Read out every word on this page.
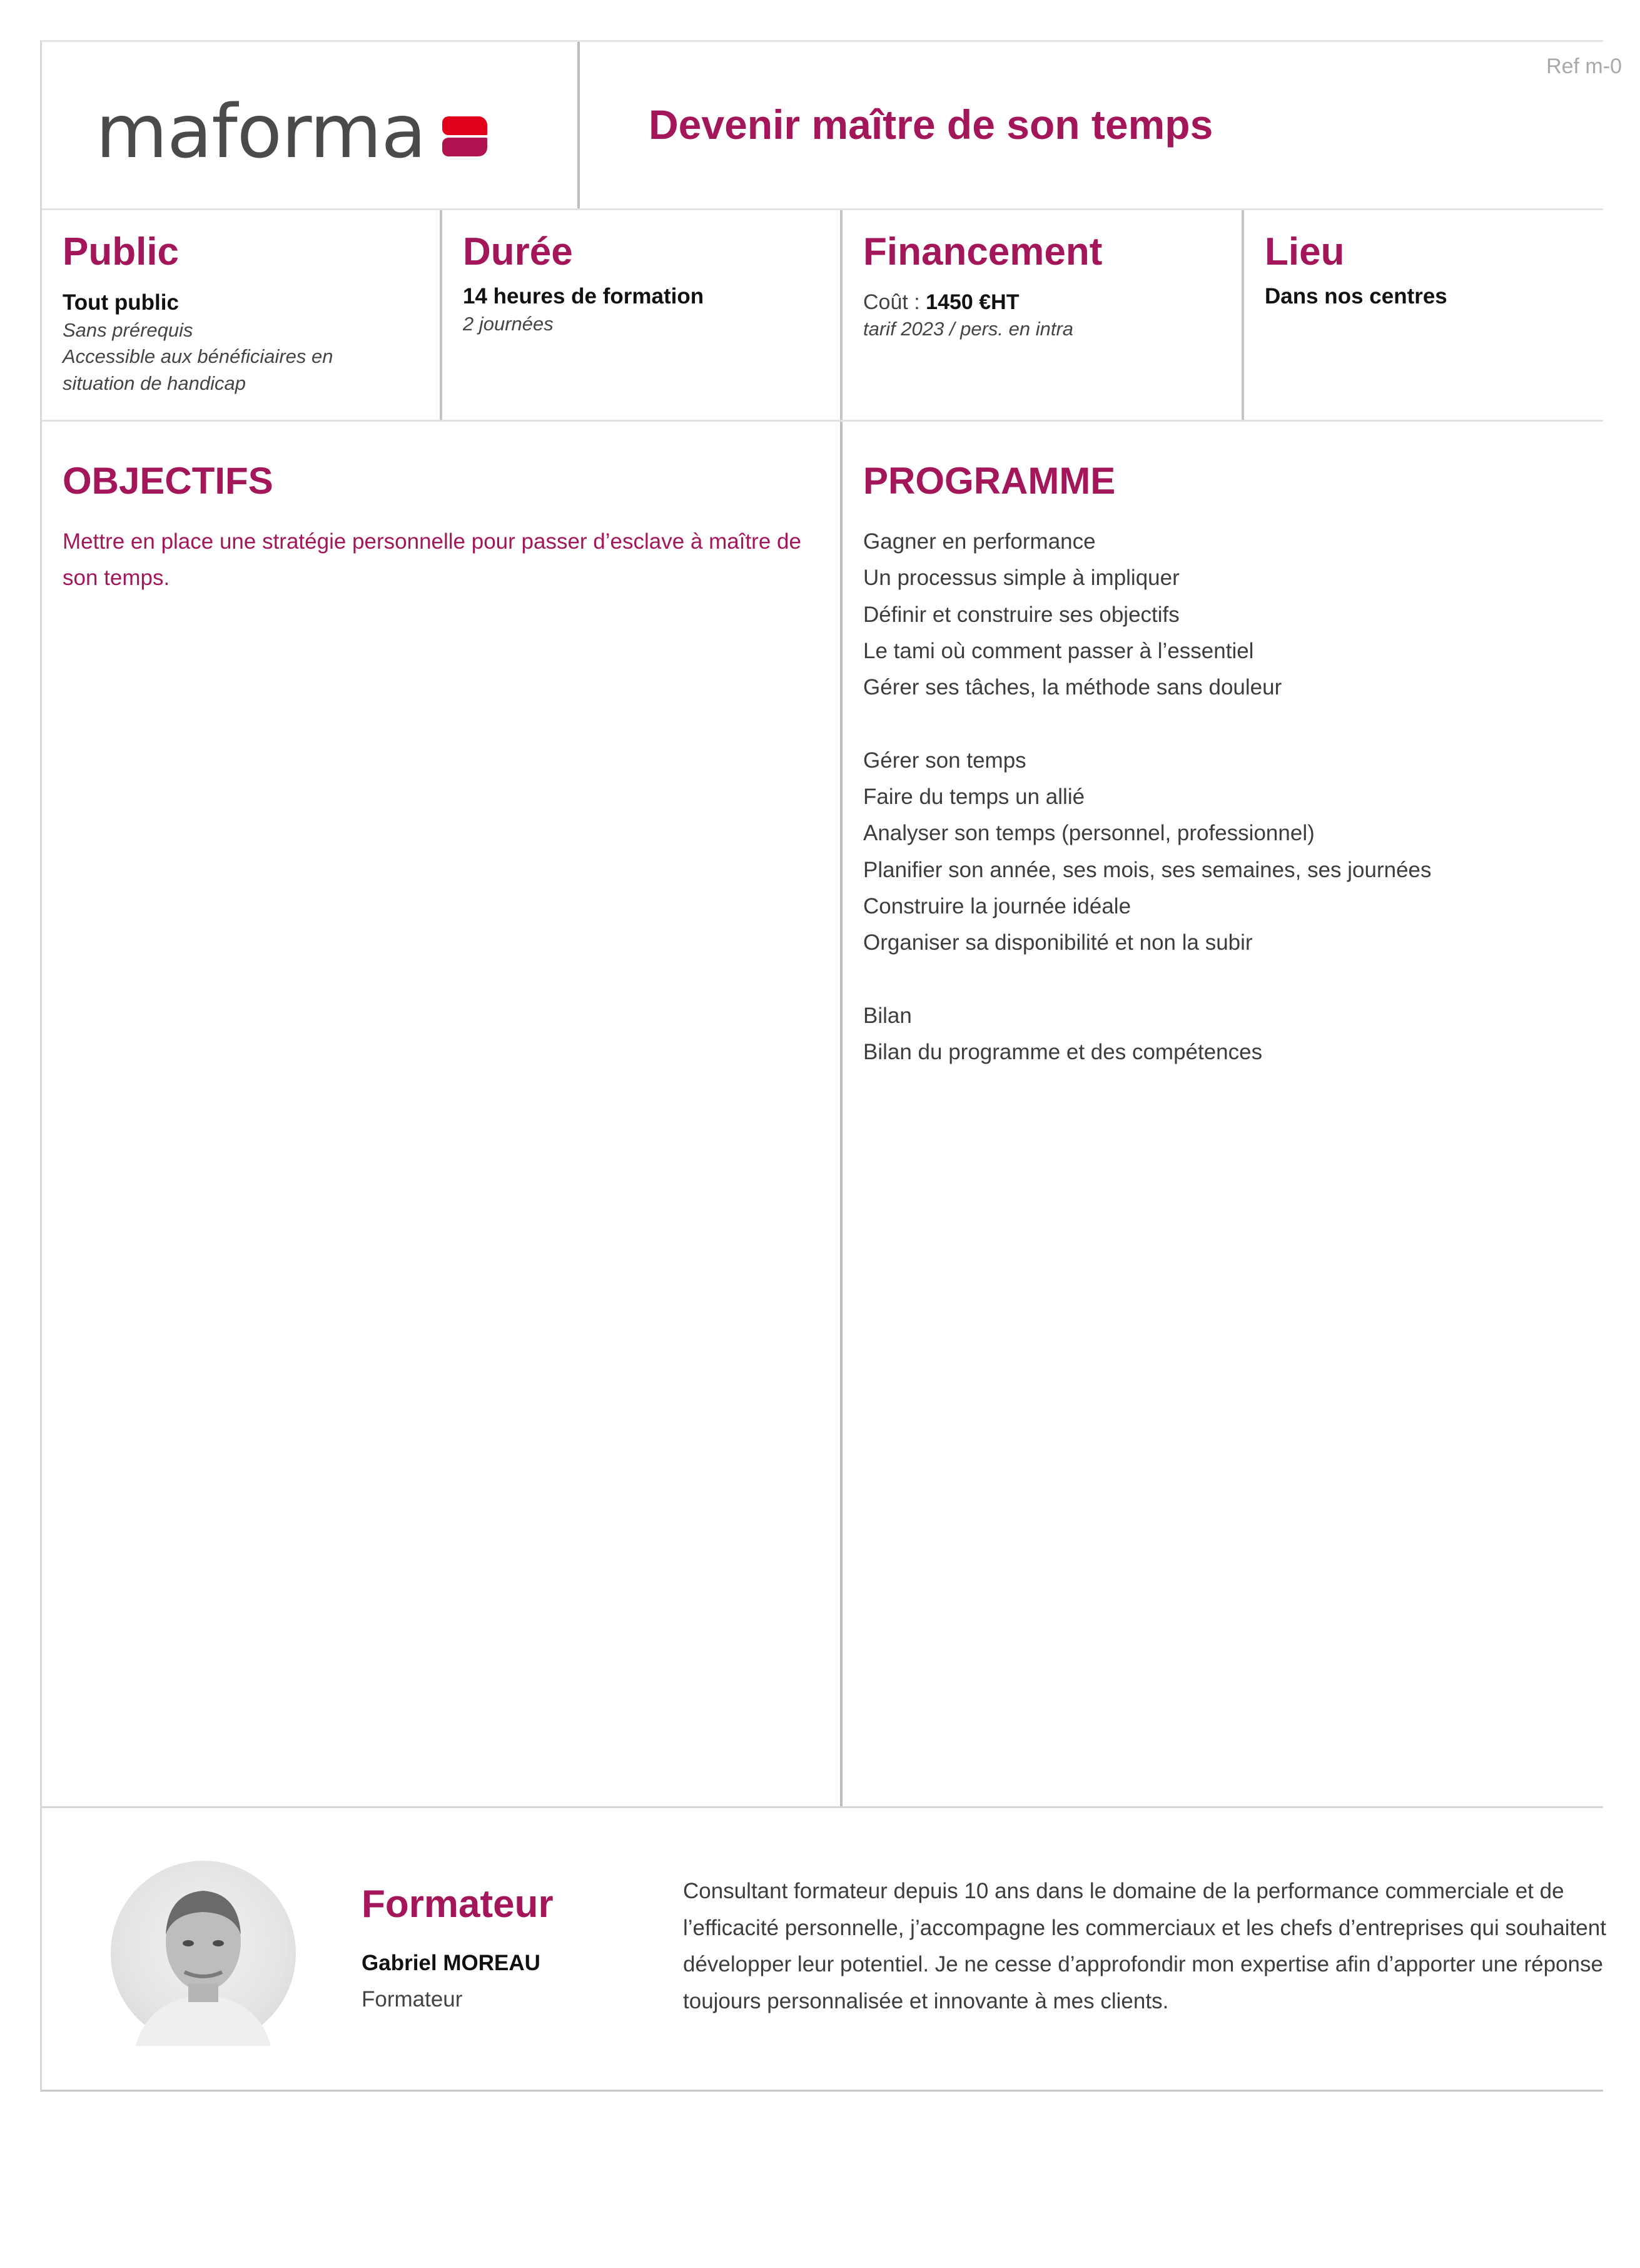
maforma	Devenir maître de son temps
Ref m-0
Public
Tout public
Sans prérequis
Accessible aux bénéficiaires en
situation de handicap
Durée
14 heures de formation
2 journées
Financement
Coût : 1450 €HT
tarif 2023 / pers. en intra
Lieu
Dans nos centres
OBJECTIFS
Mettre en place une stratégie personnelle pour passer d’esclave à maître de son temps.
PROGRAMME
Gagner en performance
Un processus simple à impliquer
Définir et construire ses objectifs
Le tami où comment passer à l’essentiel
Gérer ses tâches, la méthode sans douleur
Gérer son temps
Faire du temps un allié
Analyser son temps (personnel, professionnel)
Planifier son année, ses mois, ses semaines, ses journées
Construire la journée idéale
Organiser sa disponibilité et non la subir
Bilan
Bilan du programme et des compétences
Formateur
Gabriel MOREAU
Formateur
Consultant formateur depuis 10 ans dans le domaine de la performance commerciale et de l’efficacité personnelle, j’accompagne les commerciaux et les chefs d’entreprises qui souhaitent développer leur potentiel. Je ne cesse d’approfondir mon expertise afin d’apporter une réponse toujours personnalisée et innovante à mes clients.
